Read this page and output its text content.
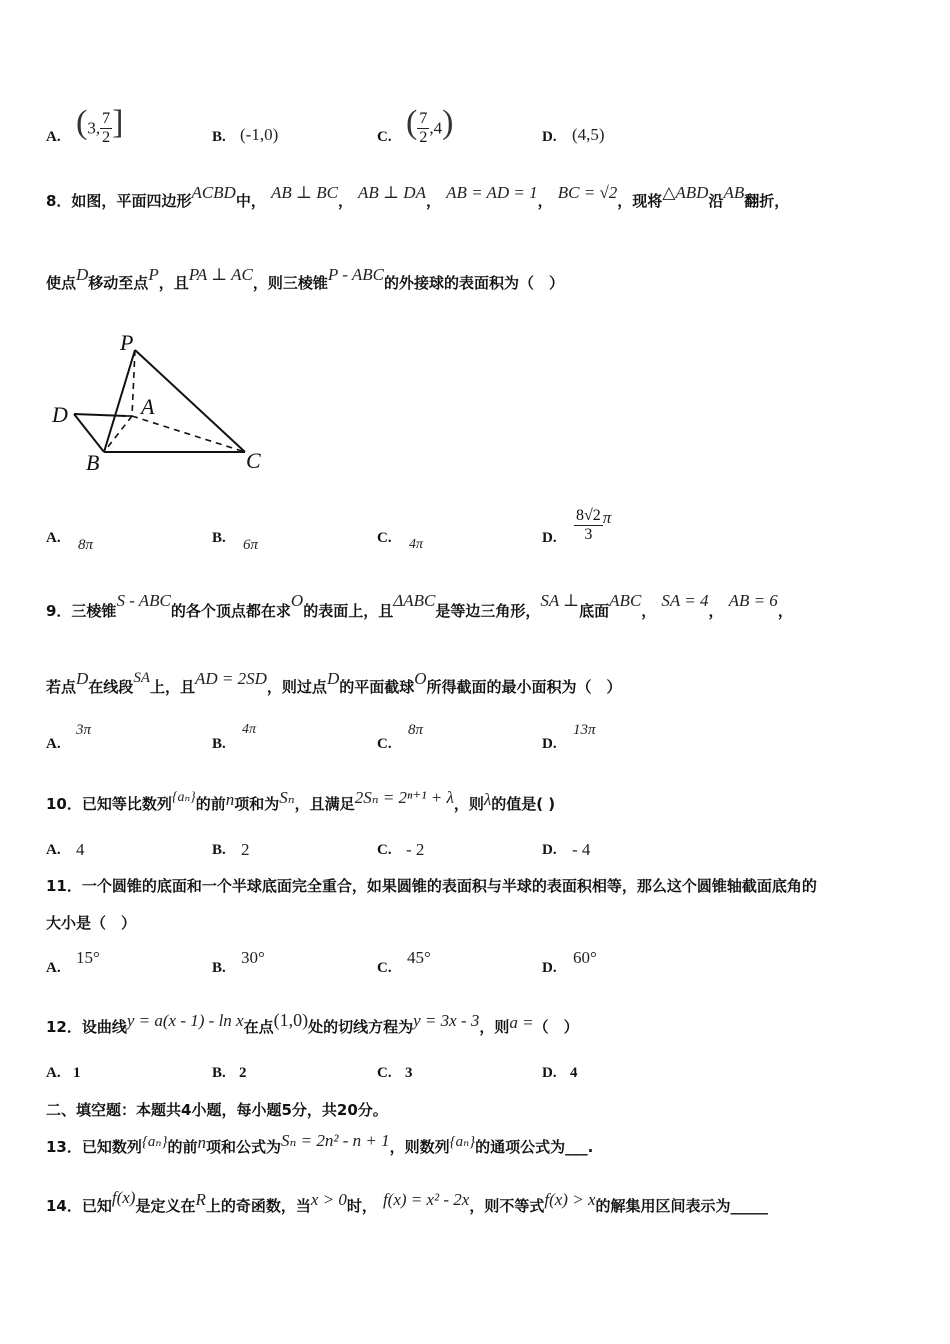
A. (3, $\frac{7}{2}$ ]	B. (-1,0)	C. ( $\frac{7}{2} ,4$)	D. (4,5)
8．如图，平面四边形ACBD中， AB ⊥ BC， AB ⊥ DA， AB = AD = 1， BC = √2，现将△ABD沿AB翻折，
使点D移动至点P，且PA ⊥ AC，则三棱锥P - ABC的外接球的表面积为（　）
P
A
D
B	C
A. 8π	B. 6π	C. 4π	D. $\frac{8√2}{3}$ π
9．三棱锥S - ABC的各个顶点都在求O的表面上，且ΔABC是等边三角形，SA ⊥底面ABC， SA = 4， AB = 6，
若点D在线段SA上，且AD = 2SD，则过点D的平面截球O所得截面的最小面积为（　）
A.
3π
B.
4π
C.
8π
D.
13π
10．已知等比数列{aₙ}的前n项和为Sₙ，且满足2Sₙ = 2ⁿ⁺¹ + λ，则λ的值是( )
A. 4	B. 2	C. - 2	D. - 4
11．一个圆锥的底面和一个半球底面完全重合，如果圆锥的表面积与半球的表面积相等，那么这个圆锥轴截面底角的
大小是（　）
A.
15°
B.
30°
C.
45°
D.
60°
12．设曲线y = a(x - 1) - ln x在点(1,0)处的切线方程为y = 3x - 3，则a =（　）
A. 1	B. 2	C. 3	D. 4
二、填空题：本题共4小题，每小题5分，共20分。
13．已知数列{aₙ}的前n项和公式为Sₙ = 2n² - n + 1，则数列{aₙ}的通项公式为___.
14．已知f(x)是定义在R上的奇函数，当x > 0时， f(x) = x² - 2x，则不等式f(x) > x的解集用区间表示为_____
